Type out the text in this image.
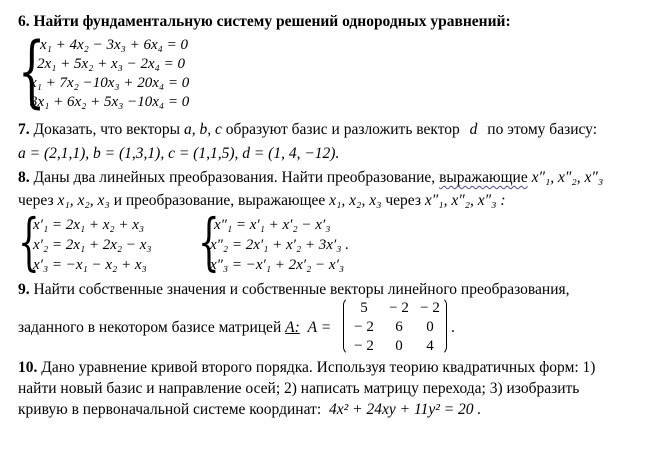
6. Найти фундаментальную систему решений однородных уравнений:
{
x₁ + 4x₂ − 3x₃ + 6x₄ = 0
2x₁ + 5x₂ + x₃ − 2x₄ = 0
x₁ + 7x₂ −10x₃ + 20x₄ = 0
3x₁ + 6x₂ + 5x₃ −10x₄ = 0
7. Доказать, что векторы a, b, c образуют базис и разложить вектор d по этому базису:
a = (2,1,1), b = (1,3,1), c = (1,1,5), d = (1, 4, −12).
8. Даны два линейных преобразования. Найти преобразование, выражающие x″₁, x″₂, x″₃
через x₁, x₂, x₃ и преобразование, выражающее x₁, x₂, x₃ через x″₁, x″₂, x″₃ :
{
x′₁ = 2x₁ + x₂ + x₃
x′₂ = 2x₁ + 2x₂ − x₃
x′₃ = −x₁ − x₂ + x₃ {
x″₁ = x′₁ + x′₂ − x′₃
x″₂ = 2x′₁ + x′₂ + 3x′₃ .
x″₃ = −x′₁ + 2x′₂ − x′₃
9. Найти собственные значения и собственные векторы линейного преобразования,
заданного в некотором базисе матрицей A: A =
5	− 2 − 2
− 2	6	0
− 2	0	4
.
10. Дано уравнение кривой второго порядка. Используя теорию квадратичных форм: 1)
найти новый базис и направление осей; 2) написать матрицу перехода; 3) изобразить
кривую в первоначальной системе координат: 4x² + 24xy + 11y² = 20 .
